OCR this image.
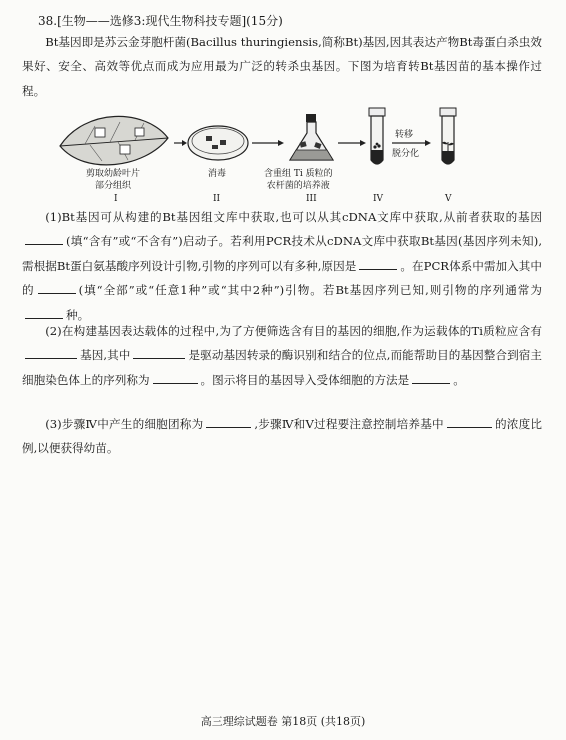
38.[生物——选修3:现代生物科技专题](15分)
Bt基因即是苏云金芽胞杆菌(Bacillus thuringiensis,简称Bt)基因,因其表达产物Bt毒蛋白杀虫效果好、安全、高效等优点而成为应用最为广泛的转杀虫基因。下图为培育转Bt基因苗的基本操作过程。
剪取幼龄叶片
部分组织
消毒	含重组 Ti 质粒的
农杆菌的培养液
转移
脱分化
I	II	III	IV	V
(1)Bt基因可从构建的Bt基因组文库中获取,也可以从其cDNA文库中获取,从前者获取的基因(填“含有”或“不含有”)启动子。若利用PCR技术从cDNA文库中获取Bt基因(基因序列未知),需根据Bt蛋白氨基酸序列设计引物,引物的序列可以有多种,原因是	。在PCR体系中需加入其中的	(填“全部”或“任意1种”或“其中2种”)引物。若Bt基因序列已知,则引物的序列通常为种。
(2)在构建基因表达载体的过程中,为了方便筛选含有目的基因的细胞,作为运载体的Ti质粒应含有基因,其中	是驱动基因转录的酶识别和结合的位点,而能帮助目的基因整合到宿主细胞染色体上的序列称为	。图示将目的基因导入受体细胞的方法是	。
(3)步骤Ⅳ中产生的细胞团称为	,步骤Ⅳ和Ⅴ过程要注意控制培养基中	的浓度比例,以便获得幼苗。
高三理综试题卷 第18页 (共18页)
